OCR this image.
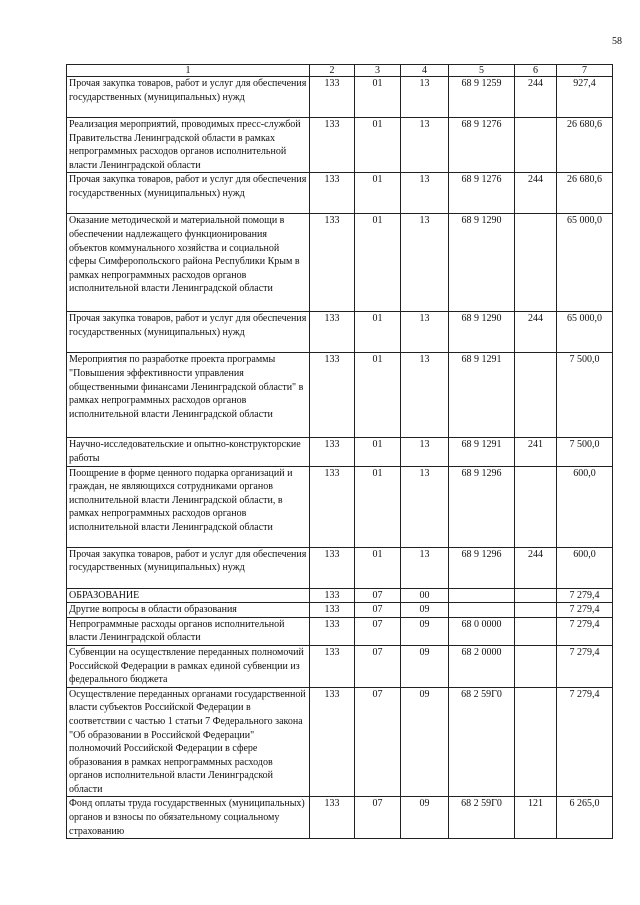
58
1	2	3	4	5	6	7
Прочая закупка товаров, работ и услуг для обеспечения государственных (муниципальных) нужд	133	01	13	68 9 1259	244	927,4
Реализация мероприятий, проводимых пресс-службой Правительства Ленинградской области в рамках непрограммных расходов органов исполнительной власти Ленинградской области	133	01	13	68 9 1276		26 680,6
Прочая закупка товаров, работ и услуг для обеспечения государственных (муниципальных) нужд	133	01	13	68 9 1276	244	26 680,6
Оказание методической и материальной помощи в обеспечении надлежащего функционирования объектов коммунального хозяйства и социальной сферы Симферопольского района Республики Крым в рамках непрограммных расходов органов исполнительной власти Ленинградской области	133	01	13	68 9 1290		65 000,0
Прочая закупка товаров, работ и услуг для обеспечения государственных (муниципальных) нужд	133	01	13	68 9 1290	244	65 000,0
Мероприятия по разработке проекта программы "Повышения эффективности управления общественными финансами Ленинградской области" в рамках непрограммных расходов органов исполнительной власти Ленинградской области	133	01	13	68 9 1291		7 500,0
Научно-исследовательские и опытно-конструкторские работы	133	01	13	68 9 1291	241	7 500,0
Поощрение в форме ценного подарка организаций и граждан, не являющихся сотрудниками органов исполнительной власти Ленинградской области, в рамках непрограммных расходов органов исполнительной власти Ленинградской области	133	01	13	68 9 1296		600,0
Прочая закупка товаров, работ и услуг для обеспечения государственных (муниципальных) нужд	133	01	13	68 9 1296	244	600,0
ОБРАЗОВАНИЕ	133	07	00			7 279,4
Другие вопросы в области образования	133	07	09			7 279,4
Непрограммные расходы органов исполнительной власти Ленинградской области	133	07	09	68 0 0000		7 279,4
Субвенции на осуществление переданных полномочий Российской Федерации в рамках единой субвенции из федерального бюджета	133	07	09	68 2 0000		7 279,4
Осуществление переданных органами государственной власти субъектов Российской Федерации в соответствии с частью 1 статьи 7 Федерального закона "Об образовании в Российской Федерации" полномочий Российской Федерации в сфере образования в рамках непрограммных расходов органов исполнительной власти Ленинградской области	133	07	09	68 2 59Г0		7 279,4
Фонд оплаты труда государственных (муниципальных) органов и взносы по обязательному социальному страхованию	133	07	09	68 2 59Г0	121	6 265,0
